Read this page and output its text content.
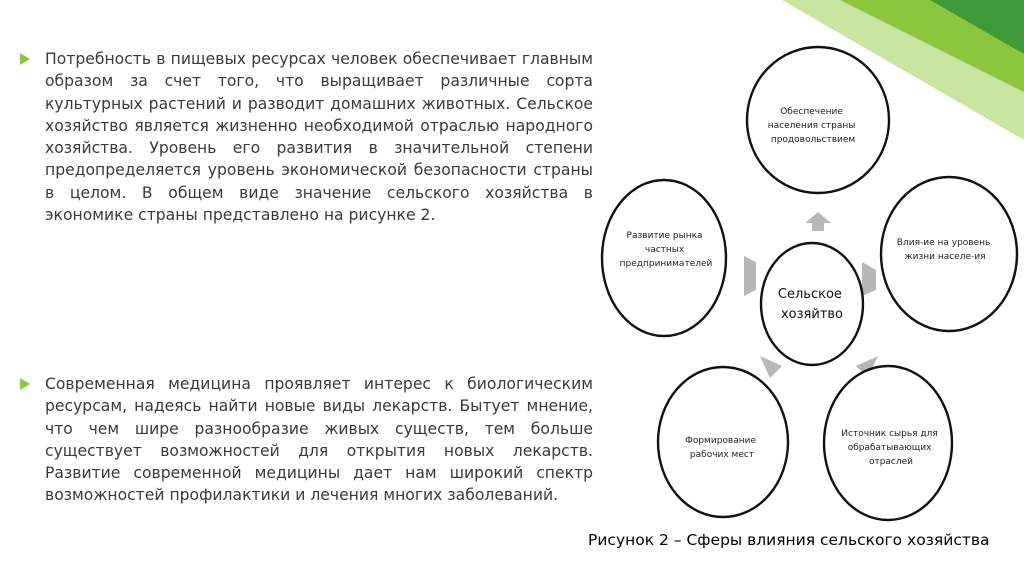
Потребность в пищевых ресурсах человек обеспечивает главным образом за счет того, что выращивает различные сорта культурных растений и разводит домашних животных. Сельское хозяйство является жизненно необходимой отраслью народного хозяйства. Уровень его развития в значительной степени предопределяется уровень экономической безопасности страны в целом. В общем виде значение сельского хозяйства в экономике страны представлено на рисунке 2.
Современная медицина проявляет интерес к биологическим ресурсам, надеясь найти новые виды лекарств. Бытует мнение, что чем шире разнообразие живых существ, тем больше существует возможностей для открытия новых лекарств. Развитие современной медицины дает нам широкий спектр возможностей профилактики и лечения многих заболеваний.
Обеспечение населения страны продовольствием
Развитие рынка частных предпринимателей
Влия-ие на уровень жизни населе-ия
Сельское хозяйтво
Формирование рабочих мест
Источник сырья для обрабатывающих отраслей
Рисунок 2 – Сферы влияния сельского хозяйства
